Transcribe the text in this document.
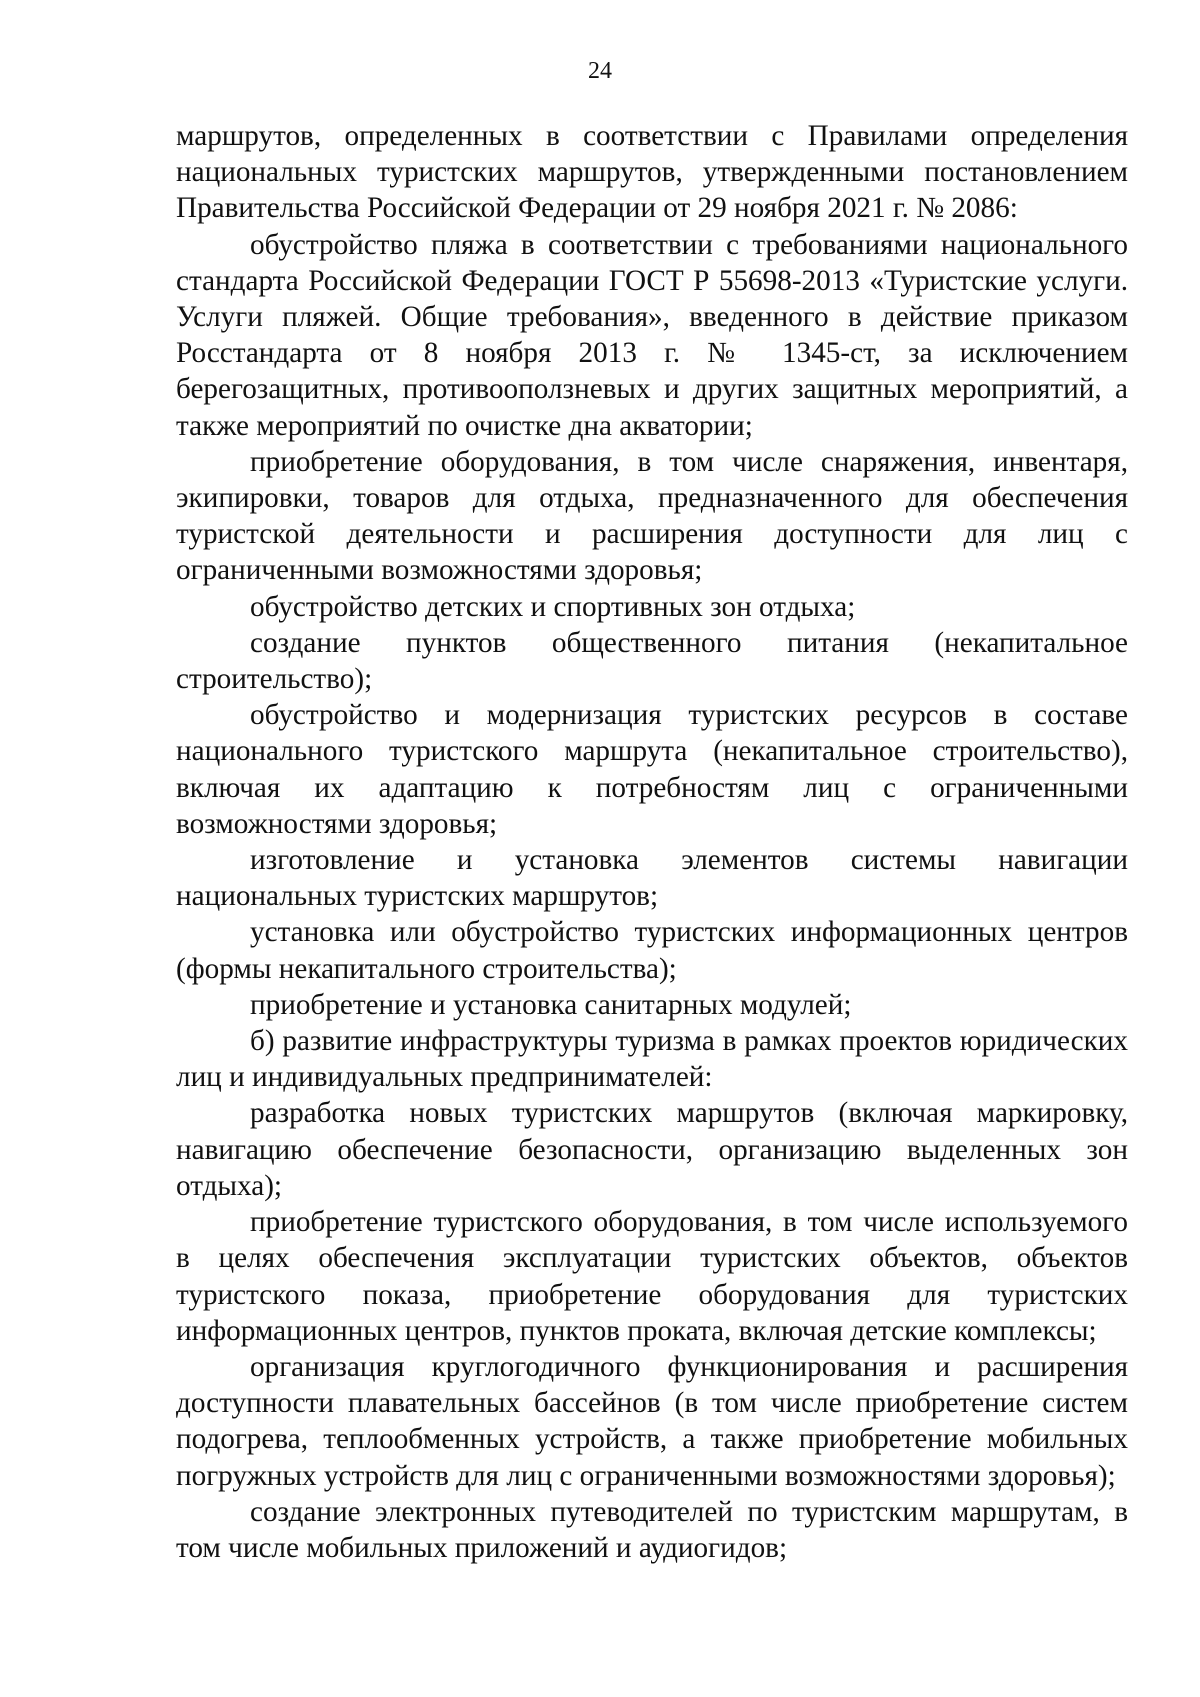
24

маршрутов, определенных в соответствии с Правилами определения национальных туристских маршрутов, утвержденными постановлением Правительства Российской Федерации от 29 ноября 2021 г. № 2086:

обустройство пляжа в соответствии с требованиями национального стандарта Российской Федерации ГОСТ Р 55698-2013 «Туристские услуги. Услуги пляжей. Общие требования», введенного в действие приказом Росстандарта от 8 ноября 2013 г. № 1345-ст, за исключением берегозащитных, противооползневых и других защитных мероприятий, а также мероприятий по очистке дна акватории;

приобретение оборудования, в том числе снаряжения, инвентаря, экипировки, товаров для отдыха, предназначенного для обеспечения туристской деятельности и расширения доступности для лиц с ограниченными возможностями здоровья;

обустройство детских и спортивных зон отдыха;

создание пунктов общественного питания (некапитальное строительство);

обустройство и модернизация туристских ресурсов в составе национального туристского маршрута (некапитальное строительство), включая их адаптацию к потребностям лиц с ограниченными возможностями здоровья;

изготовление и установка элементов системы навигации национальных туристских маршрутов;

установка или обустройство туристских информационных центров (формы некапитального строительства);

приобретение и установка санитарных модулей;

б) развитие инфраструктуры туризма в рамках проектов юридических лиц и индивидуальных предпринимателей:

разработка новых туристских маршрутов (включая маркировку, навигацию обеспечение безопасности, организацию выделенных зон отдыха);

приобретение туристского оборудования, в том числе используемого в целях обеспечения эксплуатации туристских объектов, объектов туристского показа, приобретение оборудования для туристских информационных центров, пунктов проката, включая детские комплексы;

организация круглогодичного функционирования и расширения доступности плавательных бассейнов (в том числе приобретение систем подогрева, теплообменных устройств, а также приобретение мобильных погружных устройств для лиц с ограниченными возможностями здоровья);

создание электронных путеводителей по туристским маршрутам, в том числе мобильных приложений и аудиогидов;
